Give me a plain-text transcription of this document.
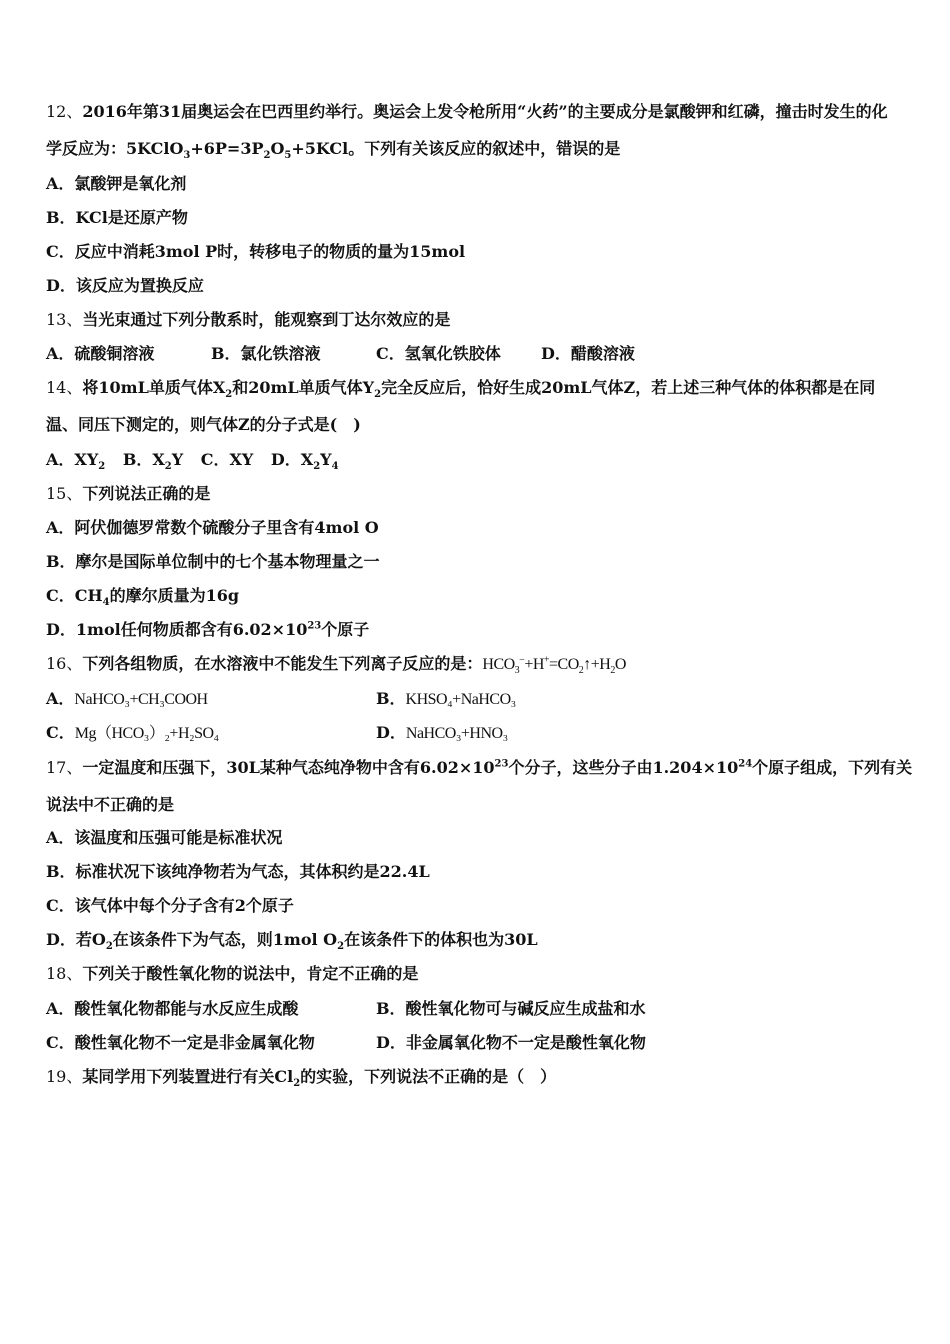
12、2016年第31届奥运会在巴西里约举行。奥运会上发令枪所用“火药”的主要成分是氯酸钾和红磷，撞击时发生的化
学反应为：$5KClO_3+6P=3P_2O_5+5KCl$。下列有关该反应的叙述中，错误的是
A．氯酸钾是氧化剂
B．KCl是还原产物
C．反应中消耗3mol P时，转移电子的物质的量为15mol
D．该反应为置换反应
13、当光束通过下列分散系时，能观察到丁达尔效应的是
A．硫酸铜溶液	B．氯化铁溶液	C．氢氧化铁胶体	D．醋酸溶液
14、将10mL单质气体$X_2$和20mL单质气体$Y_2$完全反应后，恰好生成20mL气体Z，若上述三种气体的体积都是在同
温、同压下测定的，则气体Z的分子式是(　)
A．$XY_2$ B．$X_2Y$ C．XY D．$X_2Y_4$
15、下列说法正确的是
A．阿伏伽德罗常数个硫酸分子里含有4mol O
B．摩尔是国际单位制中的七个基本物理量之一
C．$CH_4$的摩尔质量为16g
D．1mol任何物质都含有$6.02\times 10^{23}$个原子
16、下列各组物质，在水溶液中不能发生下列离子反应的是：$HCO_3^-+H^+=CO_2↑+H_2O$
A．NaHCO₃+CH₃COOH	B．KHSO₄+NaHCO₃
C．Mg（HCO₃）₂+H₂SO₄	D．NaHCO₃+HNO₃
17、一定温度和压强下，30L某种气态纯净物中含有$6.02\times 10^{23}$个分子，这些分子由$1.204\times 10^{24}$个原子组成，下列有关
说法中不正确的是
A．该温度和压强可能是标准状况
B．标准状况下该纯净物若为气态，其体积约是22.4L
C．该气体中每个分子含有2个原子
D．若$O_2$在该条件下为气态，则1mol $O_2$在该条件下的体积也为30L
18、下列关于酸性氧化物的说法中，肯定不正确的是
A．酸性氧化物都能与水反应生成酸	B．酸性氧化物可与碱反应生成盐和水
C．酸性氧化物不一定是非金属氧化物	D．非金属氧化物不一定是酸性氧化物
19、某同学用下列装置进行有关$Cl_2$的实验，下列说法不正确的是（　）
